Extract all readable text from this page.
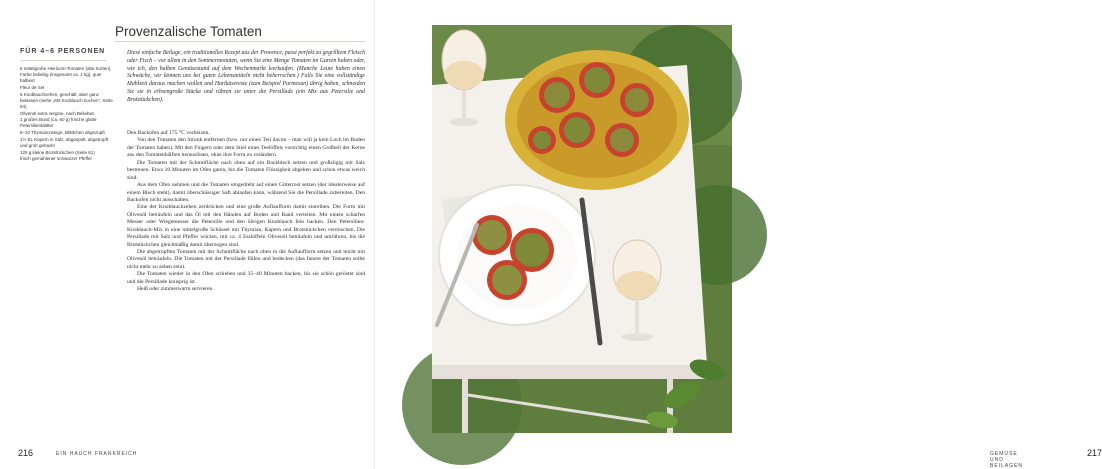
Provenzalische Tomaten
FÜR 4–6 PERSONEN
6 mittelgroße Heirloom-Tomaten (alte Sorten), Farbe beliebig (insgesamt ca. 1 kg), quer halbiert
Fleur de Sel
6 Knoblauchzehen, geschält, aber ganz belassen (siehe „Mit Knoblauch kochen“, Seite 54)
Olivenöl extra vergine, nach Belieben
1 großes Bund (ca. 60 g) frische glatte Petersilienblätter
6–10 Thymianzweige, Blättchen abgezupft
1½ EL Kapern in Salz, abgespült, abgetropft und grob gehackt
125 g kleine Brotstückchen (Seite 61)
frisch gemahlener schwarzer Pfeffer
Diese einfache Beilage, ein traditionelles Rezept aus der Provence, passt perfekt zu gegrilltem Fleisch oder Fisch – vor allem in den Sommermonaten, wenn Sie eine Menge Tomaten im Garten haben oder, wie ich, den halben Gemüsestand auf dem Wochenmarkt leerkaufen. (Manche Leute haben einen Schwäche, wir können uns bei guten Lebensmitteln nicht beherrschen.) Falls Sie eine vollständige Mahlzeit daraus machen wollen und Hartkäsereste (zum Beispiel Parmesan) übrig haben, schneiden Sie sie in erbsengroße Stücke und rühren sie unter die Persillade (ein Mix aus Petersilie und Brotstückchen).

Den Backofen auf 175 °C vorheizen.

Von den Tomaten den Strunk entfernen (bzw. nur einen Teil davon – man will ja kein Loch im Boden der Tomaten haben). Mit den Fingern oder dem Stiel eines Teelöffels vorsichtig einen Großteil der Kerne aus den Tomatenhälften herauslösen, ohne ihre Form zu verändern.

Die Tomaten mit der Schnittfläche nach oben auf ein Backblech setzen und großzügig mit Salz bestreuen. Etwa 10 Minuten im Ofen garen, bis die Tomaten Flüssigkeit abgeben und schon etwas weich sind.

Aus dem Ofen nehmen und die Tomaten umgedreht auf einen Gitterrost setzen (der idealerweise auf einem Blech steht), damit überschüssiger Saft ablaufen kann, während Sie die Persillade zubereiten. Den Backofen nicht ausschalten.

Eine der Knoblauchzehen zerdrücken und eine große Auflaufform damit einreiben. Die Form mit Olivenöl beträufeln und das Öl mit den Händen auf Boden und Rand verteilen. Mit einem scharfen Messer oder Wiegemesser die Petersilie und den übrigen Knoblauch fein hacken. Den Petersilien-Knoblauch-Mix in eine mittelgroße Schüssel mit Thymian, Kapern und Brotstückchen vermischen. Die Persillade mit Salz und Pfeffer würzen, mit ca. 4 Esslöffeln Olivenöl beträufeln und umrühren, bis die Brotstückchen gleichmäßig damit überzogen sind.

Die abgetropften Tomaten mit der Schnittfläche nach oben in die Auflaufform setzen und leicht mit Olivenöl beträufeln. Die Tomaten mit der Persillade füllen und bedecken (das Innere der Tomaten sollte nicht mehr zu sehen sein).

Die Tomaten wieder in den Ofen schieben und 35–40 Minuten backen, bis sie schön geröstet sind und die Persillade knusprig ist.

Heiß oder zimmerwarm servieren.

216	EIN HAUCH FRANKREICH	GEMÜSE UND BEILAGEN
217
